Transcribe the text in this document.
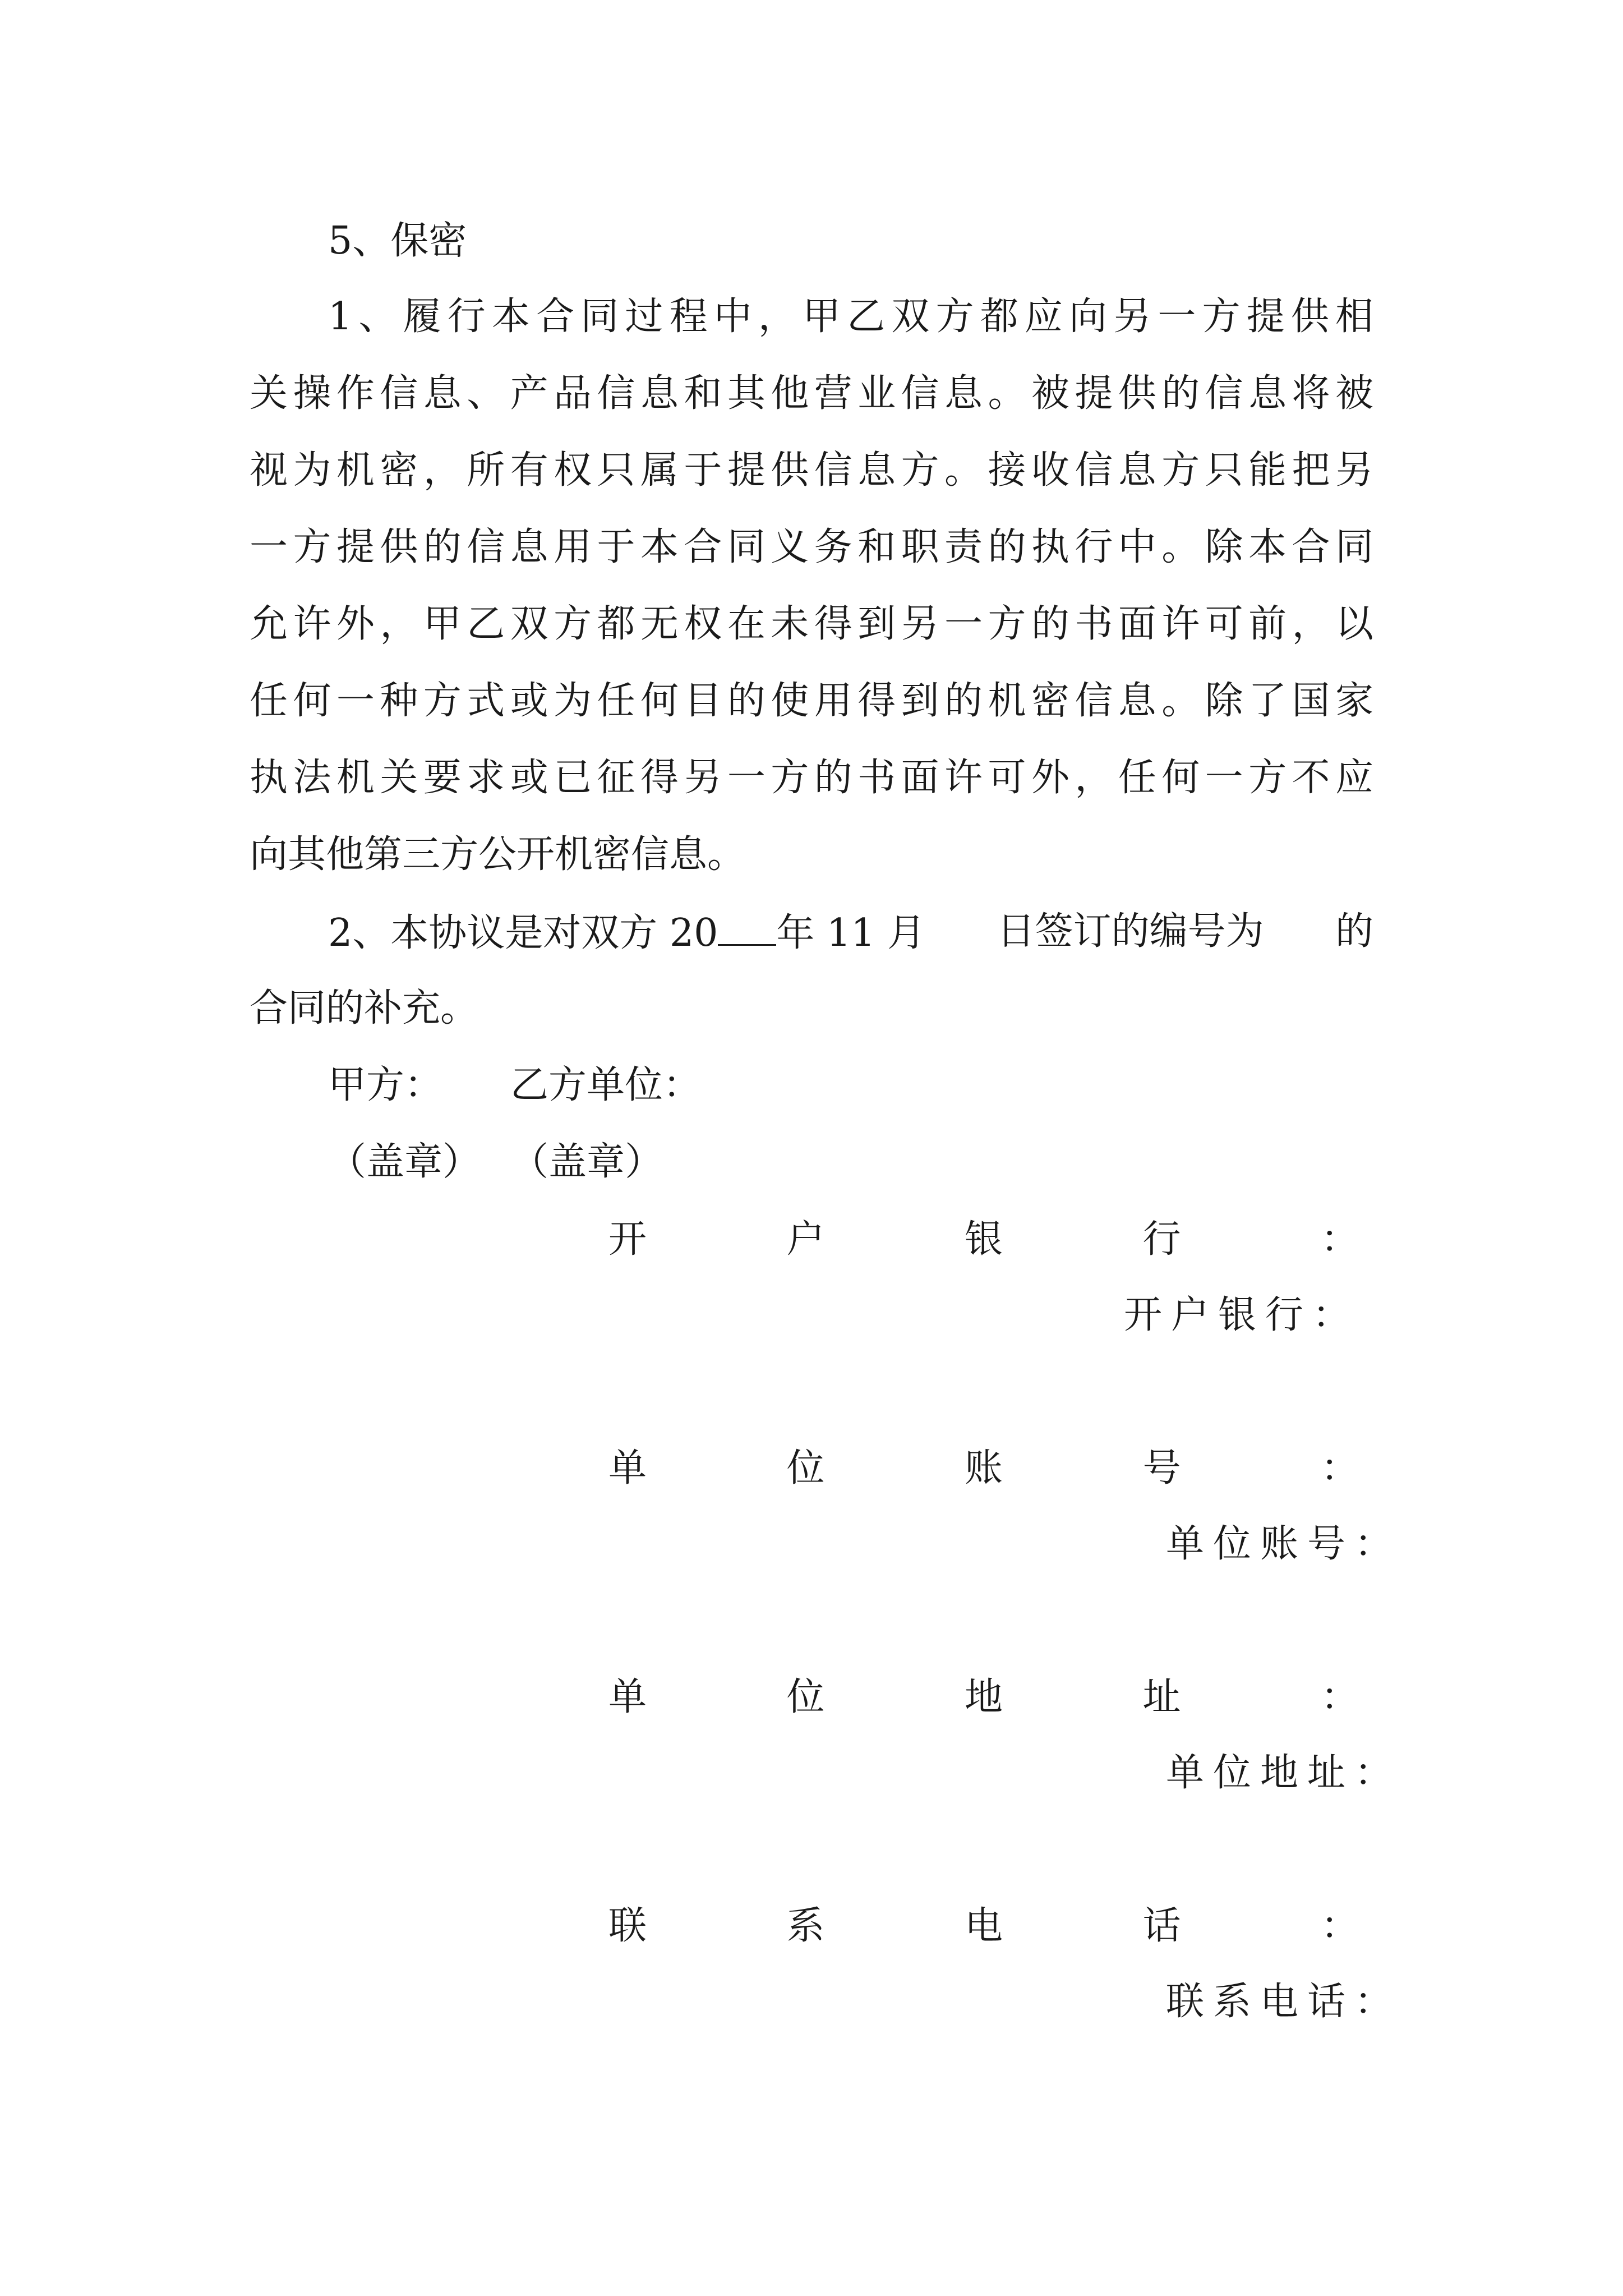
5、保密
1、履行本合同过程中，甲乙双方都应向另一方提供相
关操作信息、产品信息和其他营业信息。被提供的信息将被
视为机密，所有权只属于提供信息方。接收信息方只能把另
一方提供的信息用于本合同义务和职责的执行中。除本合同
允许外，甲乙双方都无权在未得到另一方的书面许可前，以
任何一种方式或为任何目的使用得到的机密信息。除了国家
执法机关要求或已征得另一方的书面许可外，任何一方不应
向其他第三方公开机密信息。
2、本协议是对双方 20 年 11 月 日签订的编号为 的
合同的补充。
甲方： 乙方单位：
（盖章） （盖章）
开	户	银	行	：
开户银行：
单	位	账	号	：
单位账号：
单	位	地	址	：
单位地址：
联	系	电	话	：
联系电话：
